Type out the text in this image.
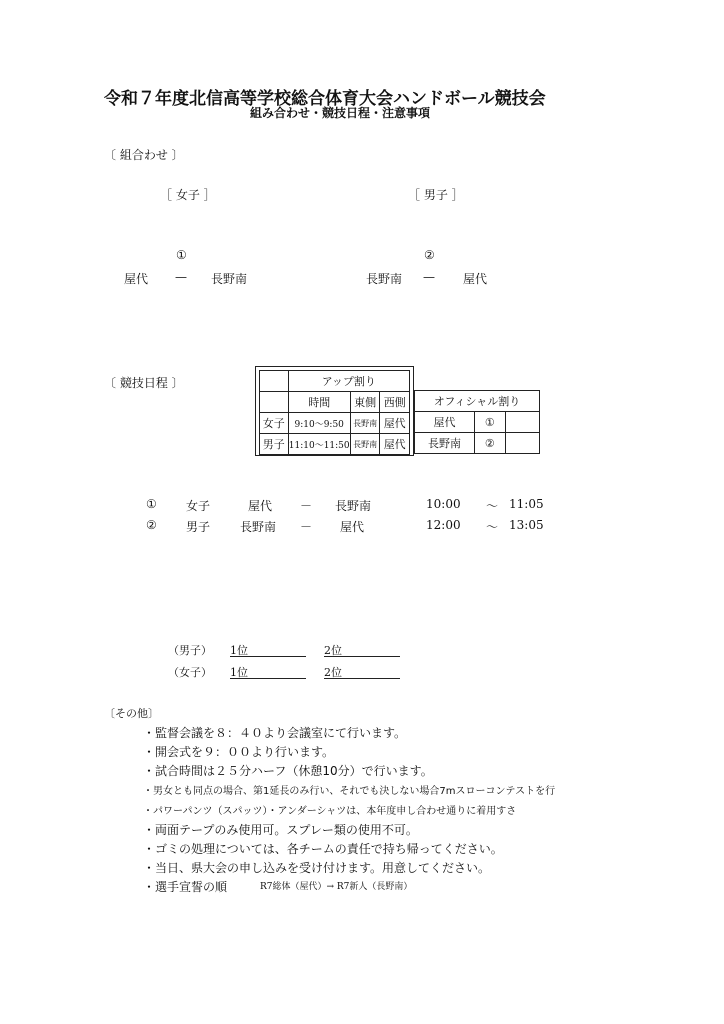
令和７年度北信高等学校総合体育大会ハンドボール競技会
組み合わせ・競技日程・注意事項
〔 組合わせ 〕
［ 女子 ］	［ 男子 ］
①
屋代 — 長野南
②
長野南 — 屋代
〔 競技日程 〕
		アップ割り		
	時間	東側	西側
女子	9:10～9:50	長野南	屋代
男子	11:10～11:50	長野南	屋代
オフィシャル割り		
屋代	①	
長野南	②	
① 女子	屋代 － 長野南	10:00 ～ 11:05
② 男子 長野南 － 屋代	12:00 ～ 13:05
（男子） 1位	2位
（女子） 1位	2位
〔その他〕
・監督会議を８：４０より会議室にて行います。
・開会式を９：００より行います。
・試合時間は２５分ハーフ（休憩10分）で行います。
・男女とも同点の場合、第1延長のみ行い、それでも決しない場合7mスローコンテストを行
・パワーパンツ（スパッツ）・アンダーシャツは、本年度申し合わせ通りに着用すさ
・両面テープのみ使用可。スプレー類の使用不可。
・ゴミの処理については、各チームの責任で持ち帰ってください。
・当日、県大会の申し込みを受け付けます。用意してください。
・選手宣誓の順	R7総体（屋代）→ R7新人（長野南）
